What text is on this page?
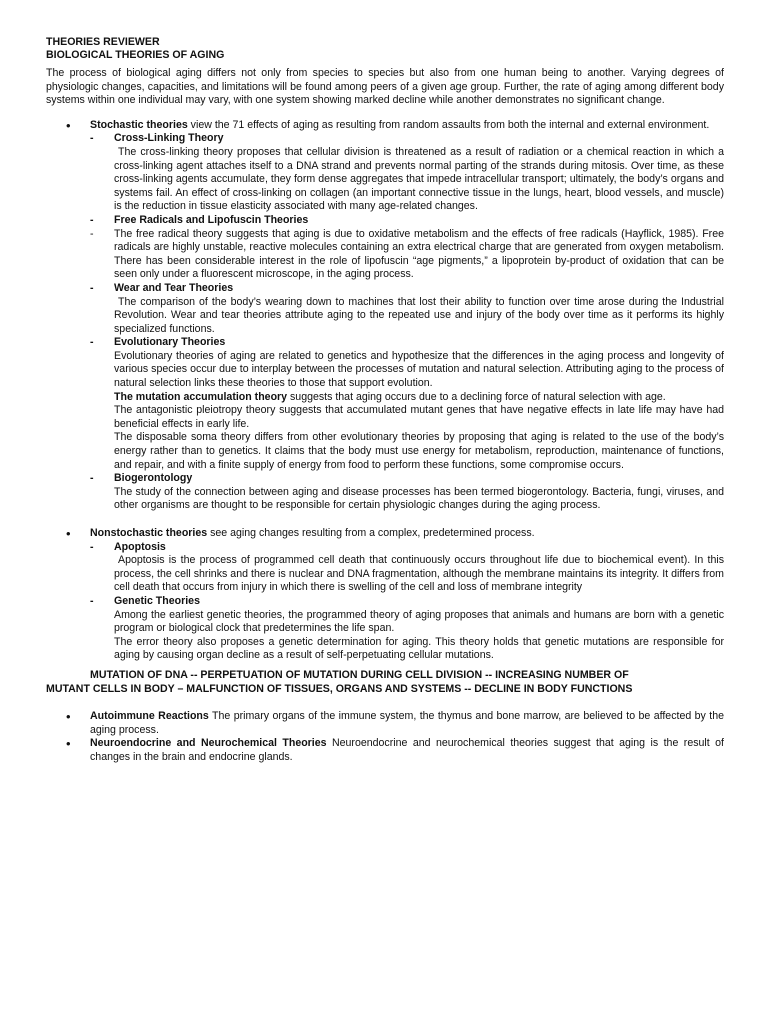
THEORIES REVIEWER

BIOLOGICAL THEORIES OF AGING

The process of biological aging differs not only from species to species but also from one human being to another. Varying degrees of physiologic changes, capacities, and limitations will be found among peers of a given age group. Further, the rate of aging among different body systems within one individual may vary, with one system showing marked decline while another demonstrates no significant change.

• Stochastic theories view the 71 effects of aging as resulting from random assaults from both the internal and external environment.
- Cross-Linking Theory

The cross-linking theory proposes that cellular division is threatened as a result of radiation or a chemical reaction in which a cross-linking agent attaches itself to a DNA strand and prevents normal parting of the strands during mitosis. Over time, as these cross-linking agents accumulate, they form dense aggregates that impede intracellular transport; ultimately, the body’s organs and systems fail. An effect of cross-linking on collagen (an important connective tissue in the lungs, heart, blood vessels, and muscle) is the reduction in tissue elasticity associated with many age-related changes.

- Free Radicals and Lipofuscin Theories
- The free radical theory suggests that aging is due to oxidative metabolism and the effects of free radicals (Hayflick, 1985). Free radicals are highly unstable, reactive molecules containing an extra electrical charge that are generated from oxygen metabolism. There has been considerable interest in the role of lipofuscin “age pigments,” a lipoprotein by-product of oxidation that can be seen only under a fluorescent microscope, in the aging process.
- Wear and Tear Theories

The comparison of the body’s wearing down to machines that lost their ability to function over time arose during the Industrial Revolution. Wear and tear theories attribute aging to the repeated use and injury of the body over time as it performs its highly specialized functions.

- Evolutionary Theories

Evolutionary theories of aging are related to genetics and hypothesize that the differences in the aging process and longevity of various species occur due to interplay between the processes of mutation and natural selection. Attributing aging to the process of natural selection links these theories to those that support evolution.

The mutation accumulation theory suggests that aging occurs due to a declining force of natural selection with age.

The antagonistic pleiotropy theory suggests that accumulated mutant genes that have negative effects in late life may have had beneficial effects in early life.

The disposable soma theory differs from other evolutionary theories by proposing that aging is related to the use of the body’s energy rather than to genetics. It claims that the body must use energy for metabolism, reproduction, maintenance of functions, and repair, and with a finite supply of energy from food to perform these functions, some compromise occurs.

- Biogerontology

The study of the connection between aging and disease processes has been termed biogerontology. Bacteria, fungi, viruses, and other organisms are thought to be responsible for certain physiologic changes during the aging process.

• Nonstochastic theories see aging changes resulting from a complex, predetermined process.
- Apoptosis

Apoptosis is the process of programmed cell death that continuously occurs throughout life due to biochemical event). In this process, the cell shrinks and there is nuclear and DNA fragmentation, although the membrane maintains its integrity. It differs from cell death that occurs from injury in which there is swelling of the cell and loss of membrane integrity

- Genetic Theories

Among the earliest genetic theories, the programmed theory of aging proposes that animals and humans are born with a genetic program or biological clock that predetermines the life span.

The error theory also proposes a genetic determination for aging. This theory holds that genetic mutations are responsible for aging by causing organ decline as a result of self-perpetuating cellular mutations.

MUTATION OF DNA -- PERPETUATION OF MUTATION DURING CELL DIVISION -- INCREASING NUMBER OF
MUTANT CELLS IN BODY – MALFUNCTION OF TISSUES, ORGANS AND SYSTEMS -- DECLINE IN BODY FUNCTIONS
• Autoimmune Reactions The primary organs of the immune system, the thymus and bone marrow, are believed to be affected by the aging process.
• Neuroendocrine and Neurochemical Theories Neuroendocrine and neurochemical theories suggest that aging is the result of changes in the brain and endocrine glands.
